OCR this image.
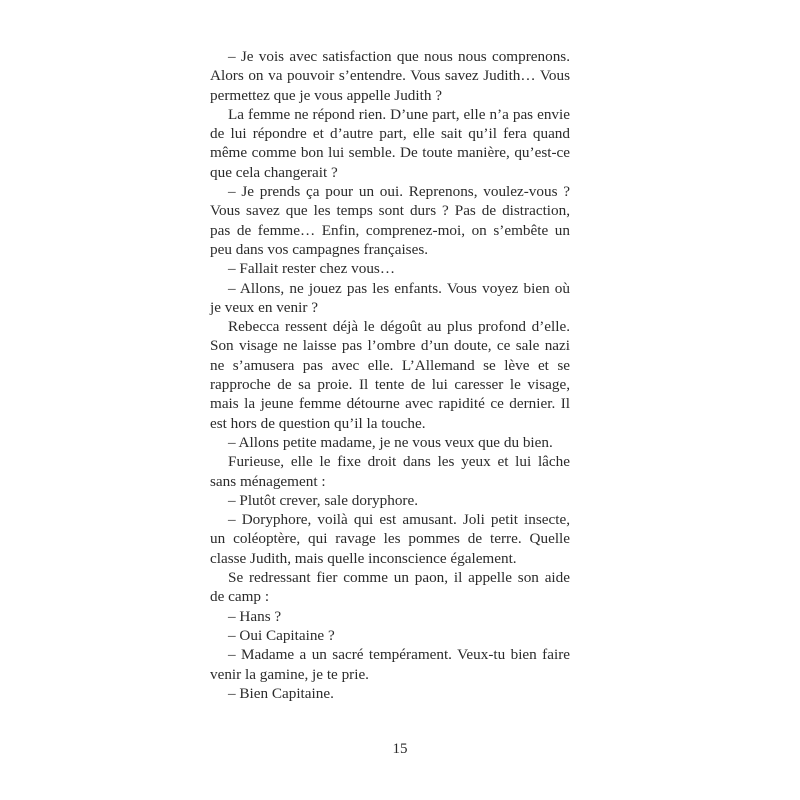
– Je vois avec satisfaction que nous nous comprenons. Alors on va pouvoir s’entendre. Vous savez Judith… Vous permettez que je vous appelle Judith ?

La femme ne répond rien. D’une part, elle n’a pas envie de lui répondre et d’autre part, elle sait qu’il fera quand même comme bon lui semble. De toute manière, qu’est-ce que cela changerait ?

– Je prends ça pour un oui. Reprenons, voulez-vous ? Vous savez que les temps sont durs ? Pas de distraction, pas de femme… Enfin, comprenez-moi, on s’embête un peu dans vos campagnes françaises.

– Fallait rester chez vous…

– Allons, ne jouez pas les enfants. Vous voyez bien où je veux en venir ?

Rebecca ressent déjà le dégoût au plus profond d’elle. Son visage ne laisse pas l’ombre d’un doute, ce sale nazi ne s’amusera pas avec elle. L’Allemand se lève et se rapproche de sa proie. Il tente de lui caresser le visage, mais la jeune femme détourne avec rapidité ce dernier. Il est hors de question qu’il la touche.

– Allons petite madame, je ne vous veux que du bien.

Furieuse, elle le fixe droit dans les yeux et lui lâche sans ménagement :

– Plutôt crever, sale doryphore.

– Doryphore, voilà qui est amusant. Joli petit insecte, un coléoptère, qui ravage les pommes de terre. Quelle classe Judith, mais quelle inconscience également.

Se redressant fier comme un paon, il appelle son aide de camp :

– Hans ?

– Oui Capitaine ?

– Madame a un sacré tempérament. Veux-tu bien faire venir la gamine, je te prie.

– Bien Capitaine.

15
